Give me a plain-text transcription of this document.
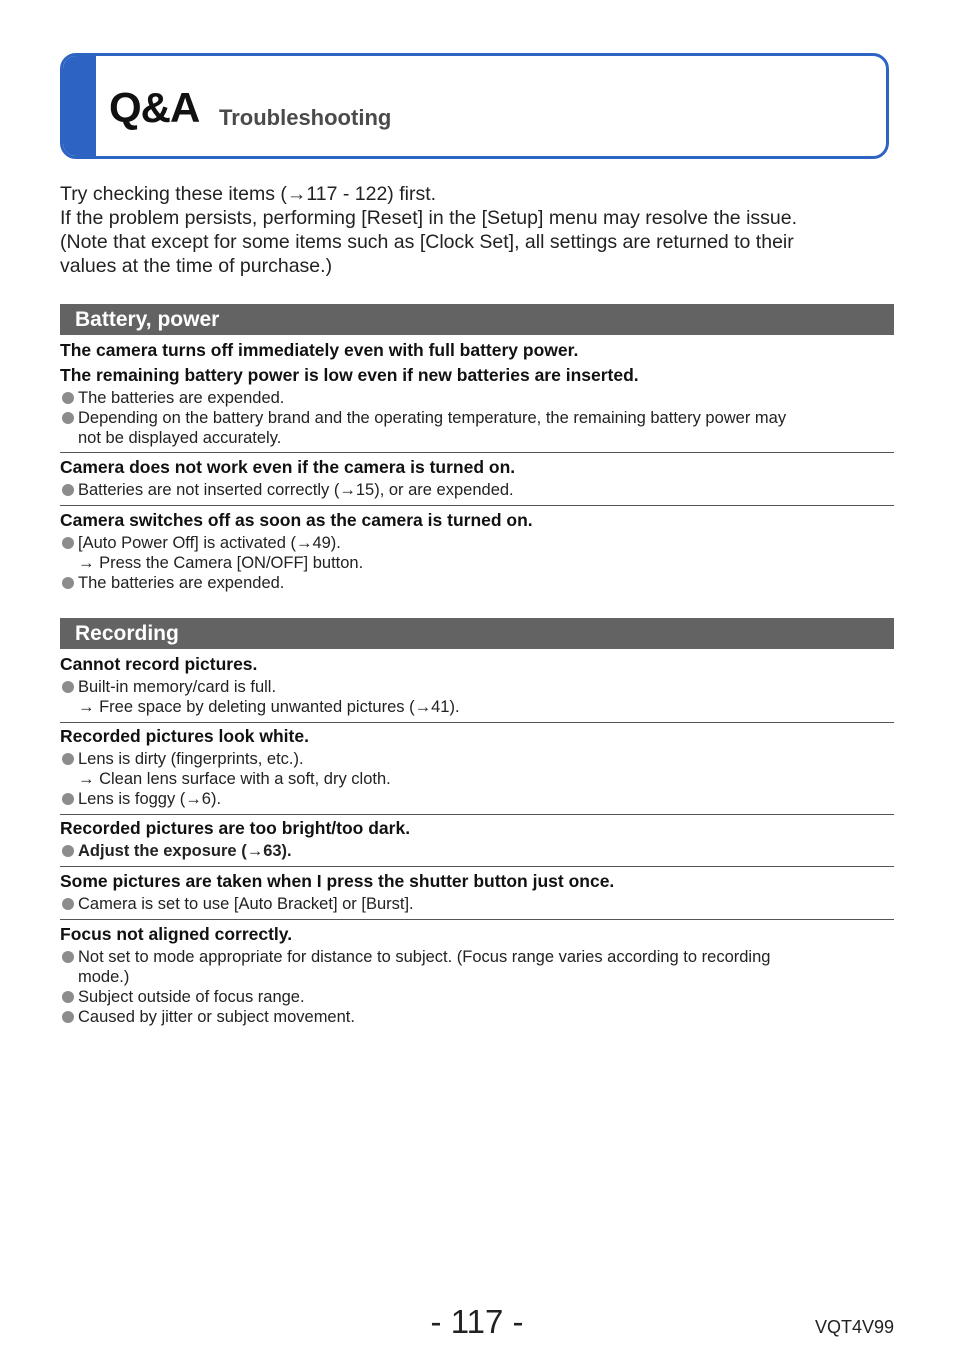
Q&A Troubleshooting
Try checking these items (→117 - 122) first.
If the problem persists, performing [Reset] in the [Setup] menu may resolve the issue.
(Note that except for some items such as [Clock Set], all settings are returned to their
values at the time of purchase.)
Battery, power
The camera turns off immediately even with full battery power.
The remaining battery power is low even if new batteries are inserted.
The batteries are expended.
Depending on the battery brand and the operating temperature, the remaining battery power may
not be displayed accurately.
Camera does not work even if the camera is turned on.
Batteries are not inserted correctly (→15), or are expended.
Camera switches off as soon as the camera is turned on.
[Auto Power Off] is activated (→49).
→ Press the Camera [ON/OFF] button.
The batteries are expended.
Recording
Cannot record pictures.
Built-in memory/card is full.
→ Free space by deleting unwanted pictures (→41).
Recorded pictures look white.
Lens is dirty (fingerprints, etc.).
→ Clean lens surface with a soft, dry cloth.
Lens is foggy (→6).
Recorded pictures are too bright/too dark.
Adjust the exposure (→63).
Some pictures are taken when I press the shutter button just once.
Camera is set to use [Auto Bracket] or [Burst].
Focus not aligned correctly.
Not set to mode appropriate for distance to subject. (Focus range varies according to recording
mode.)
Subject outside of focus range.
Caused by jitter or subject movement.
- 117 -	VQT4V99
